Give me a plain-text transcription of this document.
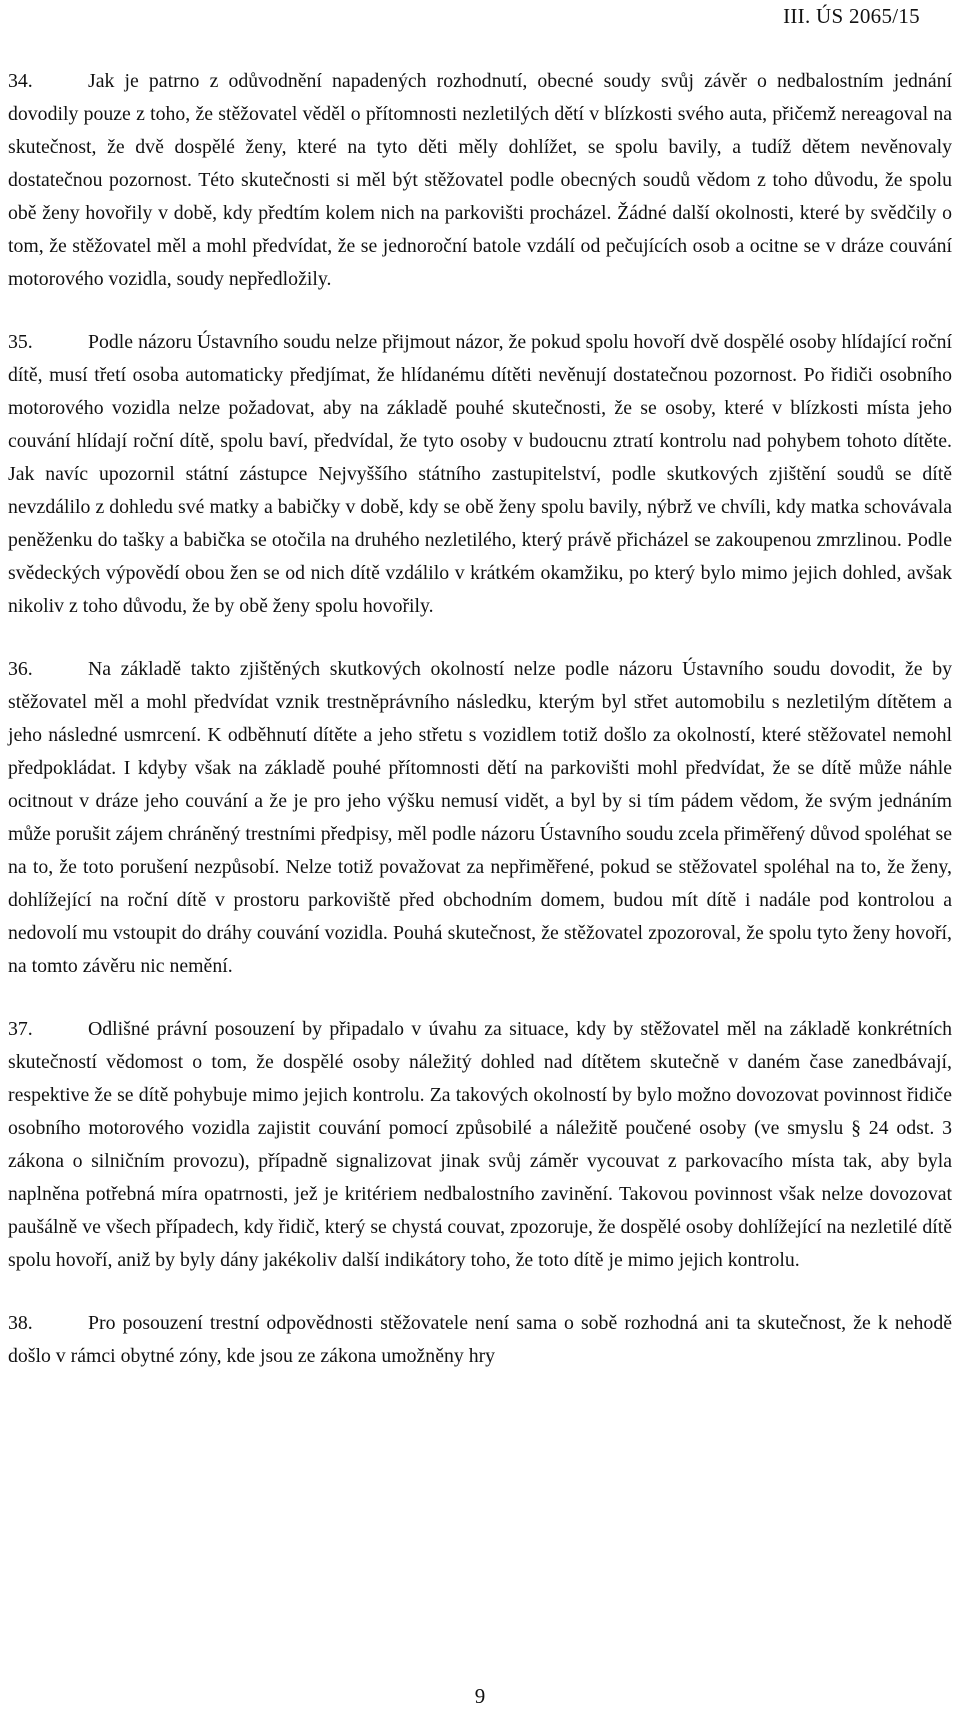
III. ÚS 2065/15

34.	Jak je patrno z odůvodnění napadených rozhodnutí, obecné soudy svůj závěr o nedbalostním jednání dovodily pouze z toho, že stěžovatel věděl o přítomnosti nezletilých dětí v blízkosti svého auta, přičemž nereagoval na skutečnost, že dvě dospělé ženy, které na tyto děti měly dohlížet, se spolu bavily, a tudíž dětem nevěnovaly dostatečnou pozornost. Této skutečnosti si měl být stěžovatel podle obecných soudů vědom z toho důvodu, že spolu obě ženy hovořily v době, kdy předtím kolem nich na parkovišti procházel. Žádné další okolnosti, které by svědčily o tom, že stěžovatel měl a mohl předvídat, že se jednoroční batole vzdálí od pečujících osob a ocitne se v dráze couvání motorového vozidla, soudy nepředložily.

35.	Podle názoru Ústavního soudu nelze přijmout názor, že pokud spolu hovoří dvě dospělé osoby hlídající roční dítě, musí třetí osoba automaticky předjímat, že hlídanému dítěti nevěnují dostatečnou pozornost. Po řidiči osobního motorového vozidla nelze požadovat, aby na základě pouhé skutečnosti, že se osoby, které v blízkosti místa jeho couvání hlídají roční dítě, spolu baví, předvídal, že tyto osoby v budoucnu ztratí kontrolu nad pohybem tohoto dítěte. Jak navíc upozornil státní zástupce Nejvyššího státního zastupitelství, podle skutkových zjištění soudů se dítě nevzdálilo z dohledu své matky a babičky v době, kdy se obě ženy spolu bavily, nýbrž ve chvíli, kdy matka schovávala peněženku do tašky a babička se otočila na druhého nezletilého, který právě přicházel se zakoupenou zmrzlinou. Podle svědeckých výpovědí obou žen se od nich dítě vzdálilo v krátkém okamžiku, po který bylo mimo jejich dohled, avšak nikoliv z toho důvodu, že by obě ženy spolu hovořily.

36.	Na základě takto zjištěných skutkových okolností nelze podle názoru Ústavního soudu dovodit, že by stěžovatel měl a mohl předvídat vznik trestněprávního následku, kterým byl střet automobilu s nezletilým dítětem a jeho následné usmrcení. K odběhnutí dítěte a jeho střetu s vozidlem totiž došlo za okolností, které stěžovatel nemohl předpokládat. I kdyby však na základě pouhé přítomnosti dětí na parkovišti mohl předvídat, že se dítě může náhle ocitnout v dráze jeho couvání a že je pro jeho výšku nemusí vidět, a byl by si tím pádem vědom, že svým jednáním může porušit zájem chráněný trestními předpisy, měl podle názoru Ústavního soudu zcela přiměřený důvod spoléhat se na to, že toto porušení nezpůsobí. Nelze totiž považovat za nepřiměřené, pokud se stěžovatel spoléhal na to, že ženy, dohlížející na roční dítě v prostoru parkoviště před obchodním domem, budou mít dítě i nadále pod kontrolou a nedovolí mu vstoupit do dráhy couvání vozidla. Pouhá skutečnost, že stěžovatel zpozoroval, že spolu tyto ženy hovoří, na tomto závěru nic nemění.

37.	Odlišné právní posouzení by připadalo v úvahu za situace, kdy by stěžovatel měl na základě konkrétních skutečností vědomost o tom, že dospělé osoby náležitý dohled nad dítětem skutečně v daném čase zanedbávají, respektive že se dítě pohybuje mimo jejich kontrolu. Za takových okolností by bylo možno dovozovat povinnost řidiče osobního motorového vozidla zajistit couvání pomocí způsobilé a náležitě poučené osoby (ve smyslu § 24 odst. 3 zákona o silničním provozu), případně signalizovat jinak svůj záměr vycouvat z parkovacího místa tak, aby byla naplněna potřebná míra opatrnosti, jež je kritériem nedbalostního zavinění. Takovou povinnost však nelze dovozovat paušálně ve všech případech, kdy řidič, který se chystá couvat, zpozoruje, že dospělé osoby dohlížející na nezletilé dítě spolu hovoří, aniž by byly dány jakékoliv další indikátory toho, že toto dítě je mimo jejich kontrolu.

38.	Pro posouzení trestní odpovědnosti stěžovatele není sama o sobě rozhodná ani ta skutečnost, že k nehodě došlo v rámci obytné zóny, kde jsou ze zákona umožněny hry

9
